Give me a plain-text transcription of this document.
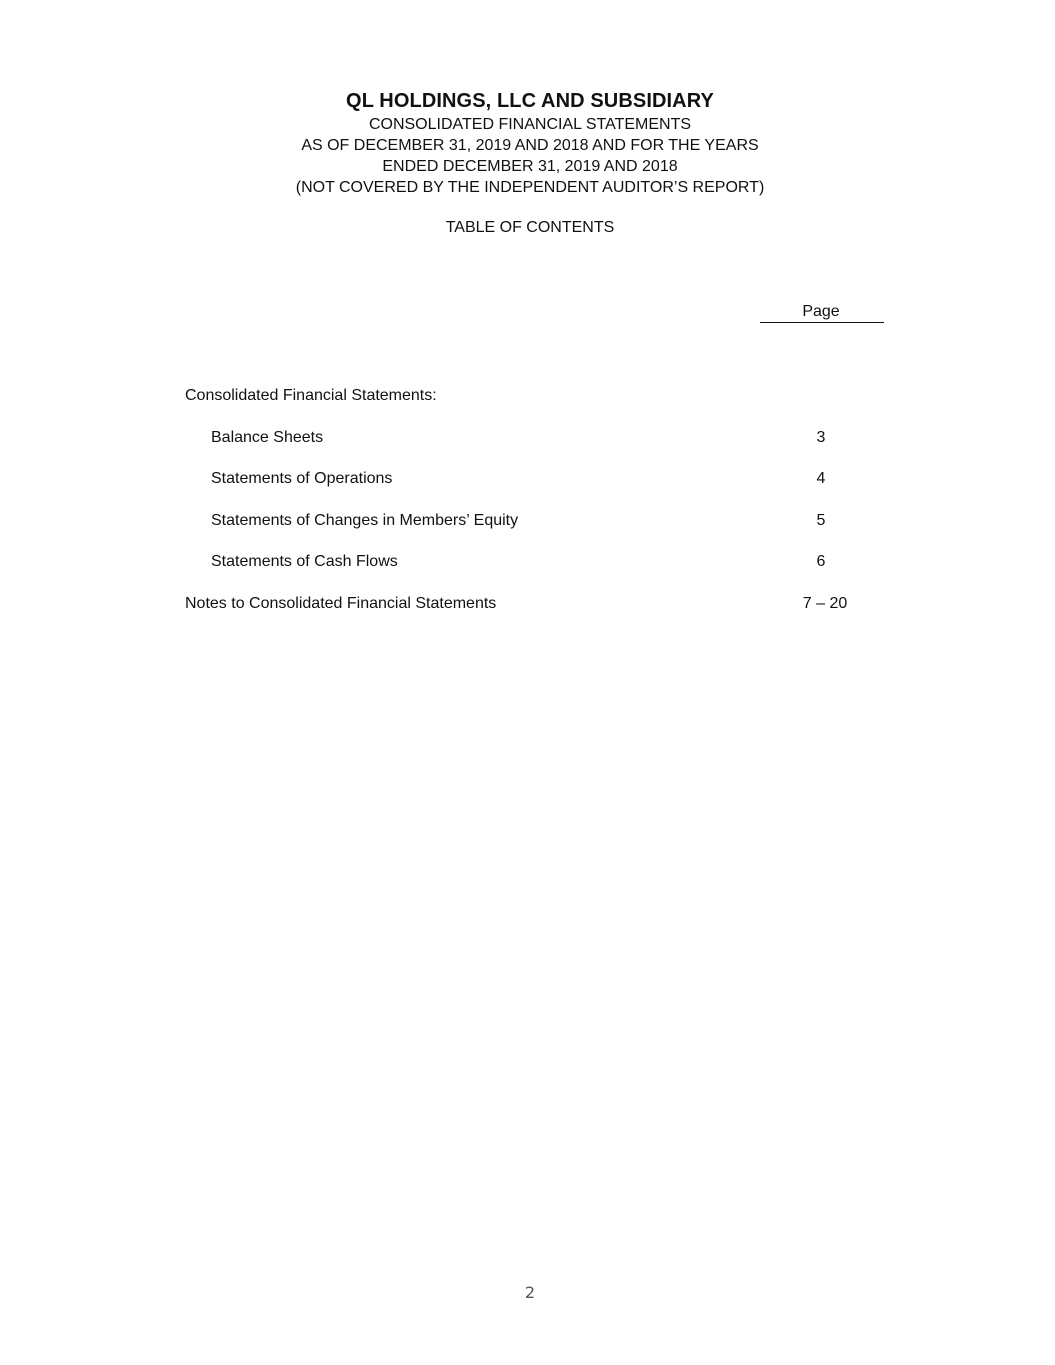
QL HOLDINGS, LLC AND SUBSIDIARY
CONSOLIDATED FINANCIAL STATEMENTS
AS OF DECEMBER 31, 2019 AND 2018 AND FOR THE YEARS
ENDED DECEMBER 31, 2019 AND 2018
(NOT COVERED BY THE INDEPENDENT AUDITOR’S REPORT)
TABLE OF CONTENTS
Page
Consolidated Financial Statements:
Balance Sheets	3
Statements of Operations	4
Statements of Changes in Members’ Equity	5
Statements of Cash Flows	6
Notes to Consolidated Financial Statements	7 – 20
2
